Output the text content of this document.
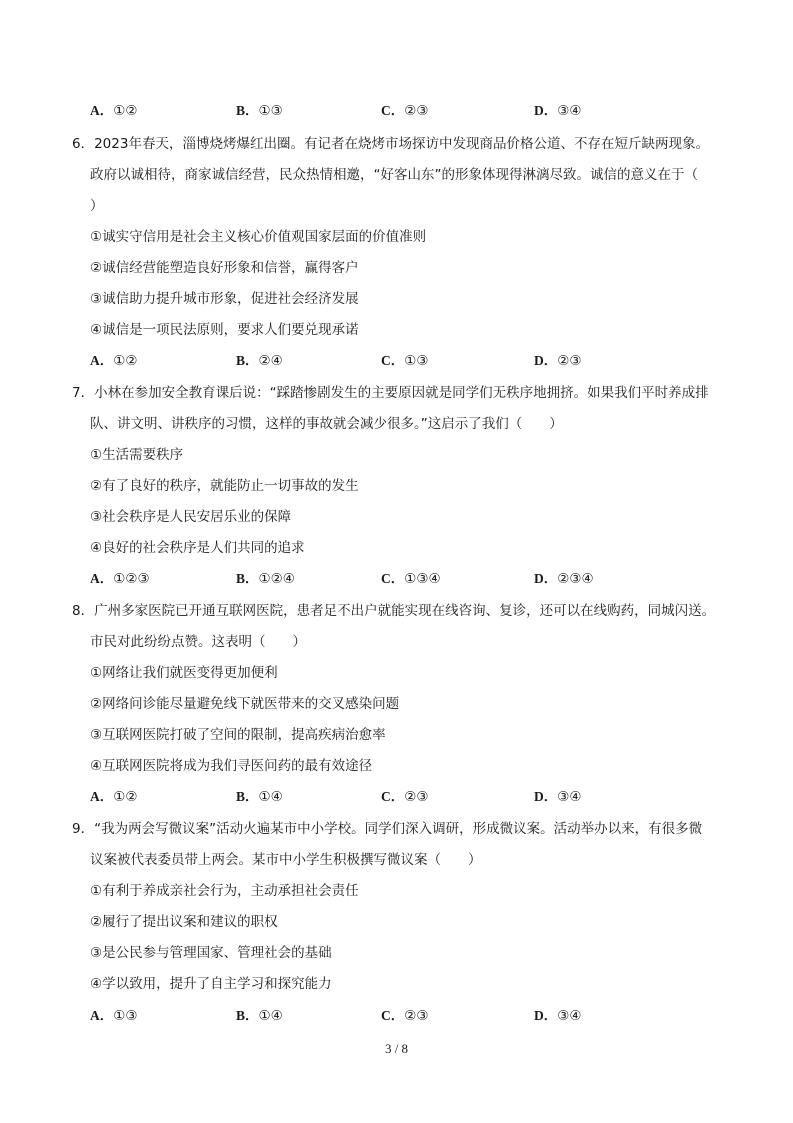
A．①②	B．①③	C．②③	D．③④
6．2023年春天，淄博烧烤爆红出圈。有记者在烧烤市场探访中发现商品价格公道、不存在短斤缺两现象。
政府以诚相待，商家诚信经营，民众热情相邀，“好客山东”的形象体现得淋漓尽致。诚信的意义在于（
）
①诚实守信用是社会主义核心价值观国家层面的价值准则
②诚信经营能塑造良好形象和信誉，赢得客户
③诚信助力提升城市形象，促进社会经济发展
④诚信是一项民法原则，要求人们要兑现承诺
A．①②	B．②④	C．①③	D．②③
7．小林在参加安全教育课后说：“踩踏惨剧发生的主要原因就是同学们无秩序地拥挤。如果我们平时养成排
队、讲文明、讲秩序的习惯，这样的事故就会减少很多。”这启示了我们（　　）
①生活需要秩序
②有了良好的秩序，就能防止一切事故的发生
③社会秩序是人民安居乐业的保障
④良好的社会秩序是人们共同的追求
A．①②③	B．①②④	C．①③④	D．②③④
8．广州多家医院已开通互联网医院，患者足不出户就能实现在线咨询、复诊，还可以在线购药，同城闪送。
市民对此纷纷点赞。这表明（　　）
①网络让我们就医变得更加便利
②网络问诊能尽量避免线下就医带来的交叉感染问题
③互联网医院打破了空间的限制，提高疾病治愈率
④互联网医院将成为我们寻医问药的最有效途径
A．①②	B．①④	C．②③	D．③④
9．“我为两会写微议案”活动火遍某市中小学校。同学们深入调研，形成微议案。活动举办以来，有很多微
议案被代表委员带上两会。某市中小学生积极撰写微议案（　　）
①有利于养成亲社会行为，主动承担社会责任
②履行了提出议案和建议的职权
③是公民参与管理国家、管理社会的基础
④学以致用，提升了自主学习和探究能力
A．①③	B．①④	C．②③	D．③④
3 / 8
